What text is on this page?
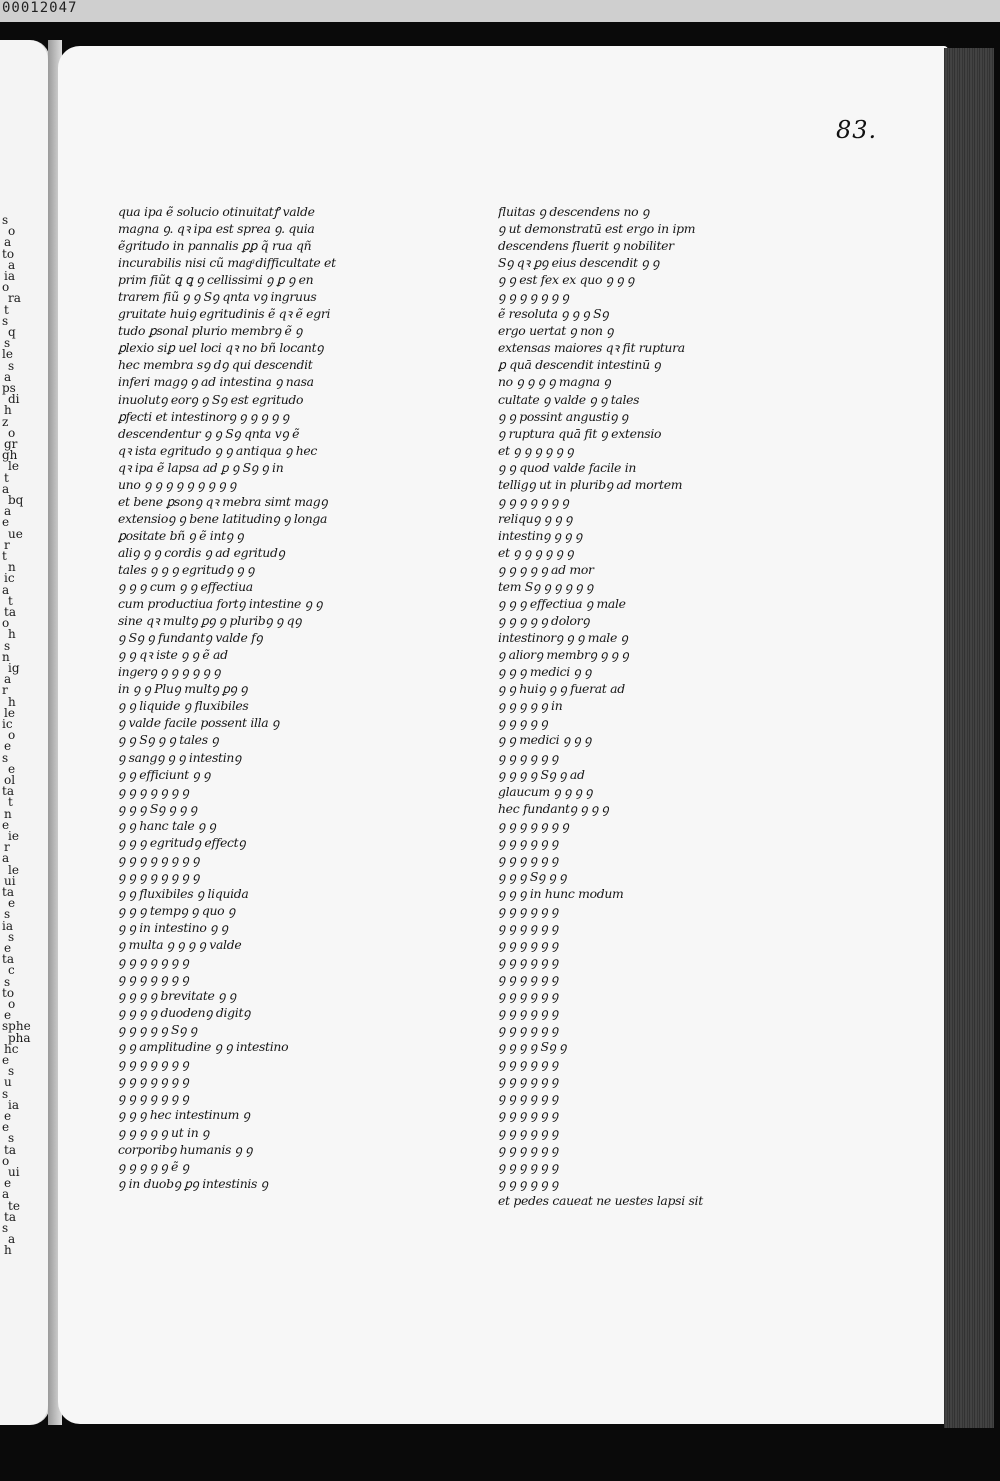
00012047
s
o
a
to
a
ia
o
ra
t
s
q
s
le
s
a
ps
di
h
z
o
gr
gh
le
t
a
bq
a
e
ue
r
t
n
ic
a
t
ta
o
h
s
n
ig
a
r
h
le
ic
o
e
s
e
ol
ta
t
n
e
ie
r
a
le
ui
ta
e
s
ia
s
e
ta
c
s
to
o
e
sphe
pha
hc
e
s
u
s
ia
e
e
s
ta
o
ui
e
a
te
ta
s
a
h
83.
qua ipa ẽ solucio otinuitatꝭ valde
magna ꝯ. qꝛ ipa est sprea ꝯ. quia
ẽgritudo in pannalis ꝑꝑ q̃ rua qñ
incurabilis nisi cũ magͣ difficultate et
prim fiũt ꝗ ꝗ ꝯ cellissimi ꝯ ꝑ ꝯ en
trarem fiũ ꝯ ꝯ Sꝯ qnta vꝯ ingruus
gruitate huiꝯ egritudinis ẽ qꝛ ẽ egri
tudo ꝑsonal plurio membrꝯ ẽ ꝯ
ꝑlexio siꝑ uel loci qꝛ no bñ locantꝯ
hec membra sꝯ dꝯ qui descendit
inferi magꝯ ꝯ ad intestina ꝯ nasa
inuolutꝯ eorꝯ ꝯ Sꝯ est egritudo
ꝑfecti et intestinorꝯ ꝯ ꝯ ꝯ ꝯ ꝯ
descendentur ꝯ ꝯ Sꝯ qnta vꝯ ẽ
qꝛ ista egritudo ꝯ ꝯ antiqua ꝯ hec
qꝛ ipa ẽ lapsa ad ꝑ ꝯ Sꝯ ꝯ in
uno ꝯ ꝯ ꝯ ꝯ ꝯ ꝯ ꝯ ꝯ ꝯ
et bene ꝑsonꝯ qꝛ mebra simt magꝯ
extensioꝯ ꝯ bene latitudinꝯ ꝯ longa
ꝑositate bñ ꝯ ẽ intꝯ ꝯ
aliꝯ ꝯ ꝯ cordis ꝯ ad egritudꝯ
tales ꝯ ꝯ ꝯ egritudꝯ ꝯ ꝯ
ꝯ ꝯ ꝯ cum ꝯ ꝯ effectiua
cum productiua fortꝯ intestine ꝯ ꝯ
sine qꝛ multꝯ ꝑꝯ ꝯ pluribꝯ ꝯ qꝯ
ꝯ Sꝯ ꝯ fundantꝯ valde fꝯ
ꝯ ꝯ qꝛ iste ꝯ ꝯ ẽ ad
ingerꝯ ꝯ ꝯ ꝯ ꝯ ꝯ ꝯ
in ꝯ ꝯ Pluꝯ multꝯ ꝑꝯ ꝯ
ꝯ ꝯ liquide ꝯ fluxibiles
ꝯ valde facile possent illa ꝯ
ꝯ ꝯ Sꝯ ꝯ ꝯ tales ꝯ
ꝯ sangꝯ ꝯ ꝯ intestinꝯ
ꝯ ꝯ efficiunt ꝯ ꝯ
ꝯ ꝯ ꝯ ꝯ ꝯ ꝯ ꝯ
ꝯ ꝯ ꝯ Sꝯ ꝯ ꝯ ꝯ
ꝯ ꝯ hanc tale ꝯ ꝯ
ꝯ ꝯ ꝯ egritudꝯ effectꝯ
ꝯ ꝯ ꝯ ꝯ ꝯ ꝯ ꝯ ꝯ
ꝯ ꝯ ꝯ ꝯ ꝯ ꝯ ꝯ ꝯ
ꝯ ꝯ fluxibiles ꝯ liquida
ꝯ ꝯ ꝯ tempꝯ ꝯ quo ꝯ
ꝯ ꝯ in intestino ꝯ ꝯ
ꝯ multa ꝯ ꝯ ꝯ ꝯ valde
ꝯ ꝯ ꝯ ꝯ ꝯ ꝯ ꝯ
ꝯ ꝯ ꝯ ꝯ ꝯ ꝯ ꝯ
ꝯ ꝯ ꝯ ꝯ brevitate ꝯ ꝯ
ꝯ ꝯ ꝯ ꝯ duodenꝯ digitꝯ
ꝯ ꝯ ꝯ ꝯ ꝯ Sꝯ ꝯ
ꝯ ꝯ amplitudine ꝯ ꝯ intestino
ꝯ ꝯ ꝯ ꝯ ꝯ ꝯ ꝯ
ꝯ ꝯ ꝯ ꝯ ꝯ ꝯ ꝯ
ꝯ ꝯ ꝯ ꝯ ꝯ ꝯ ꝯ
ꝯ ꝯ ꝯ hec intestinum ꝯ
ꝯ ꝯ ꝯ ꝯ ꝯ ut in ꝯ
corporibꝯ humanis ꝯ ꝯ
ꝯ ꝯ ꝯ ꝯ ꝯ ẽ ꝯ
ꝯ in duobꝯ ꝑꝯ intestinis ꝯ
fluitas ꝯ descendens no ꝯ
ꝯ ut demonstratū est ergo in ipm
descendens fluerit ꝯ nobiliter
Sꝯ qꝛ ꝑꝯ eius descendit ꝯ ꝯ
ꝯ ꝯ est fex ex quo ꝯ ꝯ ꝯ
ꝯ ꝯ ꝯ ꝯ ꝯ ꝯ ꝯ
ẽ resoluta ꝯ ꝯ ꝯ Sꝯ
ergo uertat ꝯ non ꝯ
extensas maiores qꝛ fit ruptura
ꝑ quā descendit intestinū ꝯ
no ꝯ ꝯ ꝯ ꝯ magna ꝯ
cultate ꝯ valde ꝯ ꝯ tales
ꝯ ꝯ possint angustiꝯ ꝯ
ꝯ ruptura quā fit ꝯ extensio
et ꝯ ꝯ ꝯ ꝯ ꝯ ꝯ
ꝯ ꝯ quod valde facile in
telligꝯ ut in pluribꝯ ad mortem
ꝯ ꝯ ꝯ ꝯ ꝯ ꝯ ꝯ
reliquꝯ ꝯ ꝯ ꝯ
intestinꝯ ꝯ ꝯ ꝯ
et ꝯ ꝯ ꝯ ꝯ ꝯ ꝯ
ꝯ ꝯ ꝯ ꝯ ꝯ ad mor
tem Sꝯ ꝯ ꝯ ꝯ ꝯ ꝯ
ꝯ ꝯ ꝯ effectiua ꝯ male
ꝯ ꝯ ꝯ ꝯ ꝯ dolorꝯ
intestinorꝯ ꝯ ꝯ male ꝯ
ꝯ aliorꝯ membrꝯ ꝯ ꝯ ꝯ
ꝯ ꝯ ꝯ medici ꝯ ꝯ
ꝯ ꝯ huiꝯ ꝯ ꝯ fuerat ad
ꝯ ꝯ ꝯ ꝯ ꝯ in
ꝯ ꝯ ꝯ ꝯ ꝯ
ꝯ ꝯ medici ꝯ ꝯ ꝯ
ꝯ ꝯ ꝯ ꝯ ꝯ ꝯ
ꝯ ꝯ ꝯ ꝯ Sꝯ ꝯ ad
glaucum ꝯ ꝯ ꝯ ꝯ
hec fundantꝯ ꝯ ꝯ ꝯ
ꝯ ꝯ ꝯ ꝯ ꝯ ꝯ ꝯ
ꝯ ꝯ ꝯ ꝯ ꝯ ꝯ
ꝯ ꝯ ꝯ ꝯ ꝯ ꝯ
ꝯ ꝯ ꝯ Sꝯ ꝯ ꝯ
ꝯ ꝯ ꝯ in hunc modum
ꝯ ꝯ ꝯ ꝯ ꝯ ꝯ
ꝯ ꝯ ꝯ ꝯ ꝯ ꝯ
ꝯ ꝯ ꝯ ꝯ ꝯ ꝯ
ꝯ ꝯ ꝯ ꝯ ꝯ ꝯ
ꝯ ꝯ ꝯ ꝯ ꝯ ꝯ
ꝯ ꝯ ꝯ ꝯ ꝯ ꝯ
ꝯ ꝯ ꝯ ꝯ ꝯ ꝯ
ꝯ ꝯ ꝯ ꝯ ꝯ ꝯ
ꝯ ꝯ ꝯ ꝯ Sꝯ ꝯ
ꝯ ꝯ ꝯ ꝯ ꝯ ꝯ
ꝯ ꝯ ꝯ ꝯ ꝯ ꝯ
ꝯ ꝯ ꝯ ꝯ ꝯ ꝯ
ꝯ ꝯ ꝯ ꝯ ꝯ ꝯ
ꝯ ꝯ ꝯ ꝯ ꝯ ꝯ
ꝯ ꝯ ꝯ ꝯ ꝯ ꝯ
ꝯ ꝯ ꝯ ꝯ ꝯ ꝯ
ꝯ ꝯ ꝯ ꝯ ꝯ ꝯ
et pedes caueat ne uestes lapsi sit
